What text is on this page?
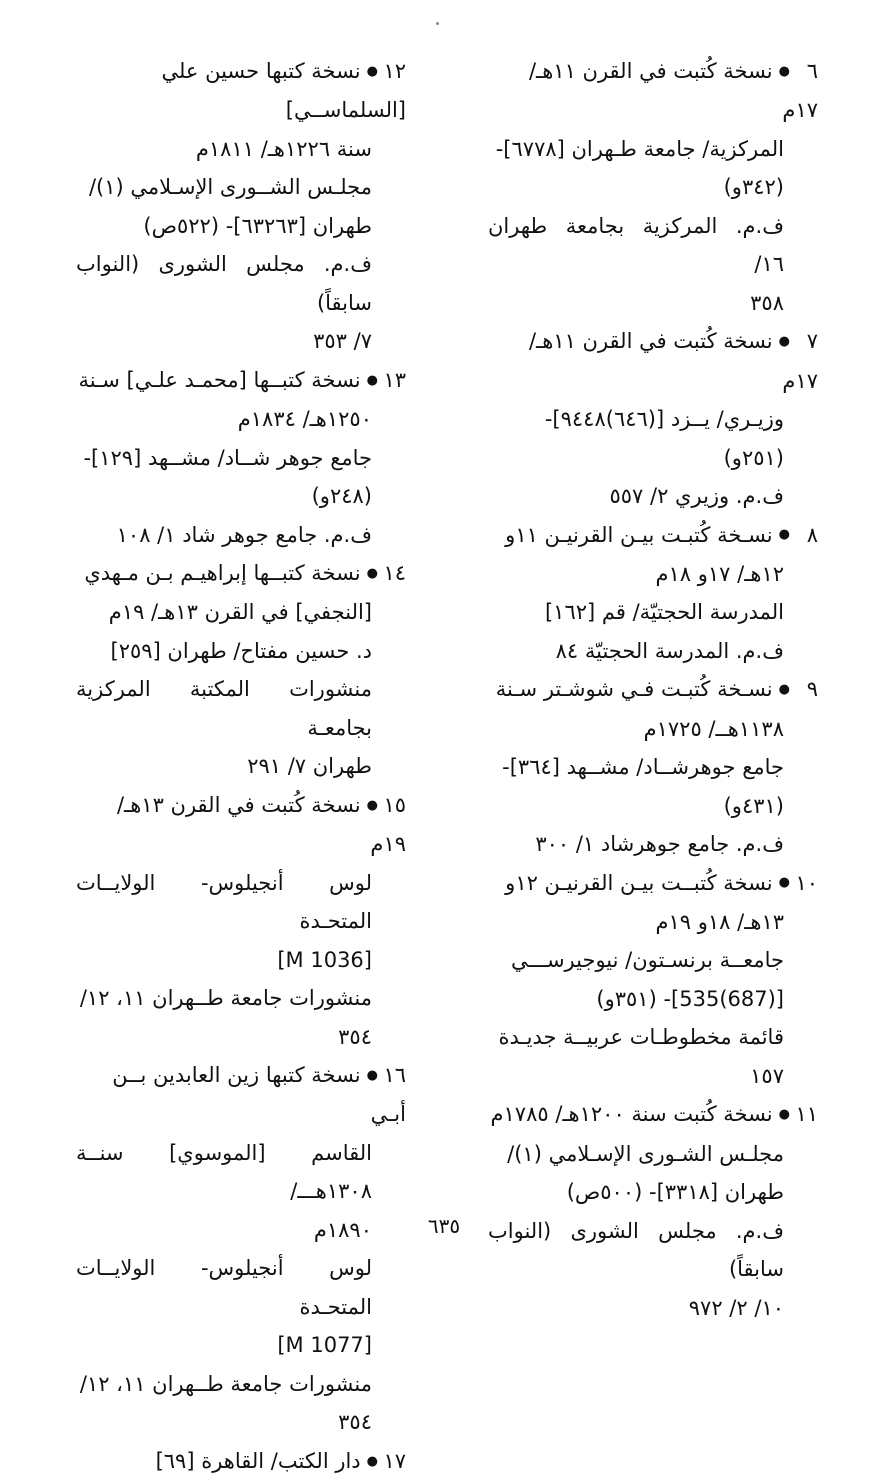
٦●نسخة كُتبت في القرن ١١هـ/ ١٧م
المركزية/ جامعة طـهران [٦٧٧٨]-
(٣٤٢و)
ف.م. المركزية بجامعة طهران ١٦/
٣٥٨
٧●نسخة كُتبت في القرن ١١هـ/ ١٧م
وزيـري/ يــزد [(٦٤٦)٩٤٤٨]-
(٢٥١و)
ف.م. وزيري ٢/ ٥٥٧
٨●نسـخة كُتبـت بيـن القرنيـن ١١و
١٢هـ/ ١٧و ١٨م
المدرسة الحجتيّة/ قم [١٦٢]
ف.م. المدرسة الحجتيّة ٨٤
٩●نسـخة كُتبـت فـي شوشـتر سـنة
١١٣٨هــ/ ١٧٢٥م
جامع جوهرشــاد/ مشــهد [٣٦٤]-
(٤٣١و)
ف.م. جامع جوهرشاد ١/ ٣٠٠
١٠●نسخة كُتبــت بيـن القرنيـن ١٢و
١٣هـ/ ١٨و ١٩م
جامعــة برنسـتون/ نيوجيرســـي
[(687)535]- (٣٥١و)
قائمة مخطوطـات عربيــة جديـدة
١٥٧
١١●نسخة كُتبت سنة ١٢٠٠هـ/ ١٧٨٥م
مجلـس الشـورى الإسـلامي (١)/
طهران [٣٣١٨]- (٥٠٠ص)
ف.م. مجلس الشورى (النواب سابقاً)
١٠/ ٢/ ٩٧٢
١٢●نسخة كتبها حسين علي [السلماســي]
سنة ١٢٢٦هـ/ ١٨١١م
مجلـس الشــورى الإسـلامي (١)/
طهران [٦٣٢٦٣]- (٥٢٢ص)
ف.م. مجلس الشورى (النواب سابقاً)
٧/ ٣٥٣
١٣●نسخة كتبــها [محمـد علـي] سـنة
١٢٥٠هـ/ ١٨٣٤م
جامع جوهر شــاد/ مشــهد [١٢٩]-
(٢٤٨و)
ف.م. جامع جوهر شاد ١/ ١٠٨
١٤●نسخة كتبــها إبراهيـم بـن مـهدي
[النجفي] في القرن ١٣هـ/ ١٩م
د. حسين مفتاح/ طهران [٢٥٩]
منشورات المكتبة المركزية بجامعـة
طهران ٧/ ٢٩١
١٥●نسخة كُتبت في القرن ١٣هـ/ ١٩م
لوس أنجيلوس- الولايــات المتحـدة
[M 1036]
منشورات جامعة طــهران ١١، ١٢/
٣٥٤
١٦●نسخة كتبها زين العابدين بــن أبـي
القاسم [الموسوي] سنــة ١٣٠٨هـــ/
١٨٩٠م
لوس أنجيلوس- الولايــات المتحـدة
[M 1077]
منشورات جامعة طــهران ١١، ١٢/
٣٥٤
١٧●دار الكتب/ القاهرة [٦٩]
٦٣٥
